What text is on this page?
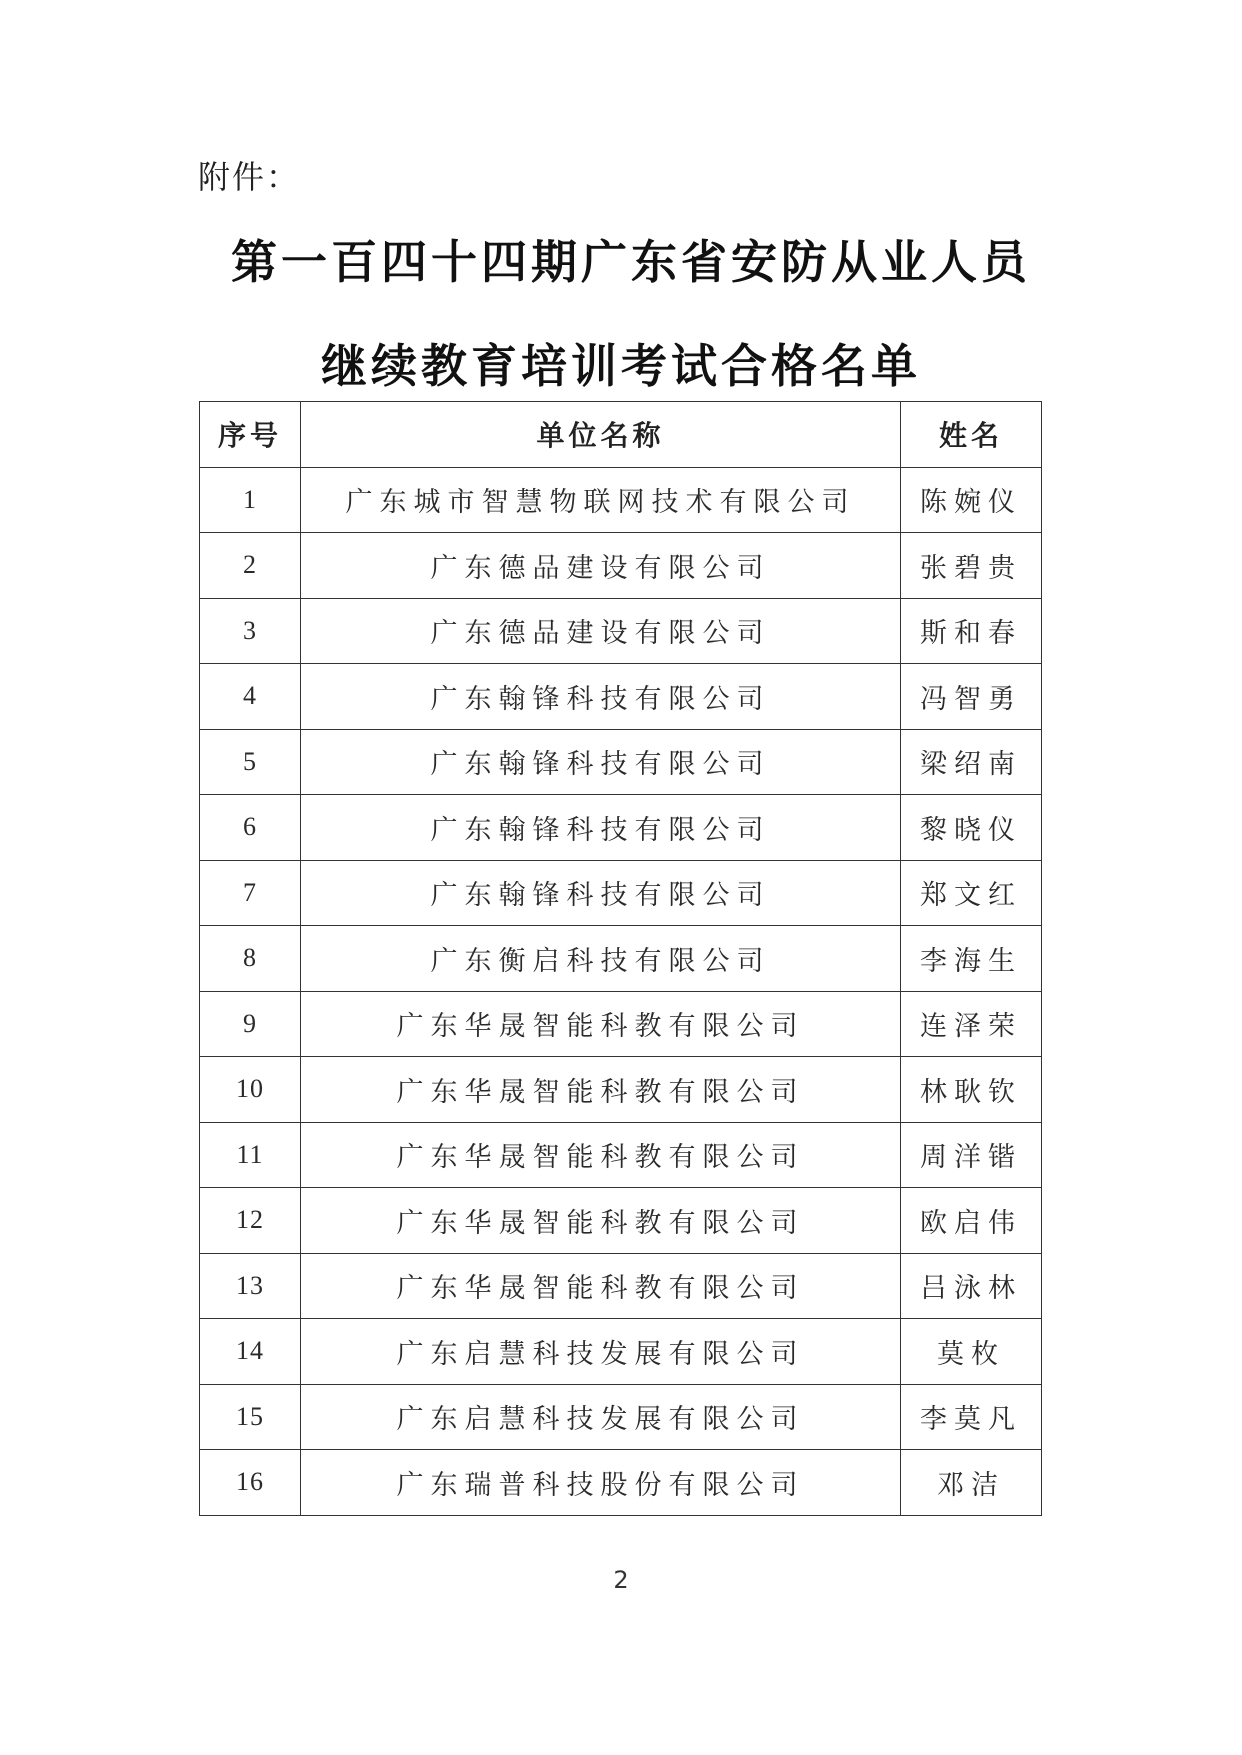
附件：
第一百四十四期广东省安防从业人员
继续教育培训考试合格名单
序号	单位名称	姓名
1	广东城市智慧物联网技术有限公司	陈婉仪
2	广东德品建设有限公司	张碧贵
3	广东德品建设有限公司	斯和春
4	广东翰锋科技有限公司	冯智勇
5	广东翰锋科技有限公司	梁绍南
6	广东翰锋科技有限公司	黎晓仪
7	广东翰锋科技有限公司	郑文红
8	广东衡启科技有限公司	李海生
9	广东华晟智能科教有限公司	连泽荣
10	广东华晟智能科教有限公司	林耿钦
11	广东华晟智能科教有限公司	周洋锴
12	广东华晟智能科教有限公司	欧启伟
13	广东华晟智能科教有限公司	吕泳林
14	广东启慧科技发展有限公司	莫枚
15	广东启慧科技发展有限公司	李莫凡
16	广东瑞普科技股份有限公司	邓洁
2
